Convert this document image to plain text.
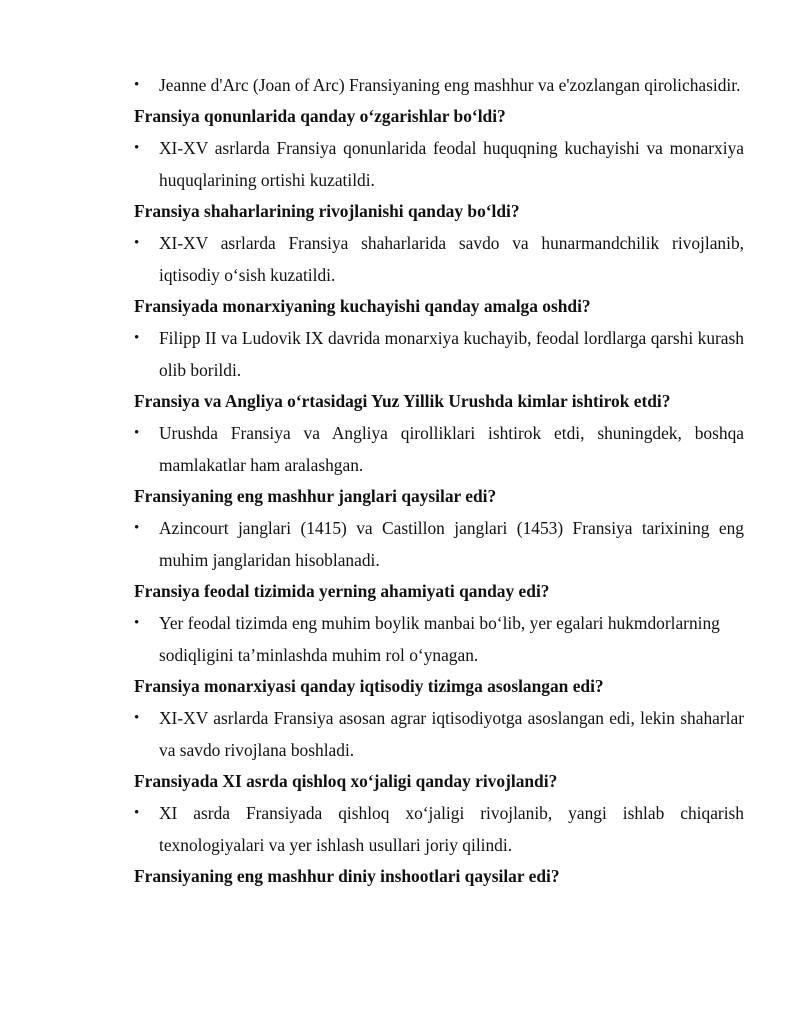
•	Jeanne d'Arc (Joan of Arc) Fransiyaning eng mashhur va e'zozlangan qirolichasidir.

Fransiya qonunlarida qanday o‘zgarishlar bo‘ldi?

•	XI-XV asrlarda Fransiya qonunlarida feodal huquqning kuchayishi va monarxiya huquqlarining ortishi kuzatildi.

Fransiya shaharlarining rivojlanishi qanday bo‘ldi?

•	XI-XV asrlarda Fransiya shaharlarida savdo va hunarmandchilik rivojlanib, iqtisodiy o‘sish kuzatildi.

Fransiyada monarxiyaning kuchayishi qanday amalga oshdi?

•	Filipp II va Ludovik IX davrida monarxiya kuchayib, feodal lordlarga qarshi kurash olib borildi.

Fransiya va Angliya o‘rtasidagi Yuz Yillik Urushda kimlar ishtirok etdi?

•	Urushda Fransiya va Angliya qirolliklari ishtirok etdi, shuningdek, boshqa mamlakatlar ham aralashgan.

Fransiyaning eng mashhur janglari qaysilar edi?

•	Azincourt janglari (1415) va Castillon janglari (1453) Fransiya tarixining eng muhim janglaridan hisoblanadi.

Fransiya feodal tizimida yerning ahamiyati qanday edi?

•	Yer feodal tizimda eng muhim boylik manbai bo‘lib, yer egalari hukmdorlarning sodiqligini ta’minlashda muhim rol o‘ynagan.

Fransiya monarxiyasi qanday iqtisodiy tizimga asoslangan edi?

•	XI-XV asrlarda Fransiya asosan agrar iqtisodiyotga asoslangan edi, lekin shaharlar va savdo rivojlana boshladi.

Fransiyada XI asrda qishloq xo‘jaligi qanday rivojlandi?

•	XI asrda Fransiyada qishloq xo‘jaligi rivojlanib, yangi ishlab chiqarish texnologiyalari va yer ishlash usullari joriy qilindi.

Fransiyaning eng mashhur diniy inshootlari qaysilar edi?
